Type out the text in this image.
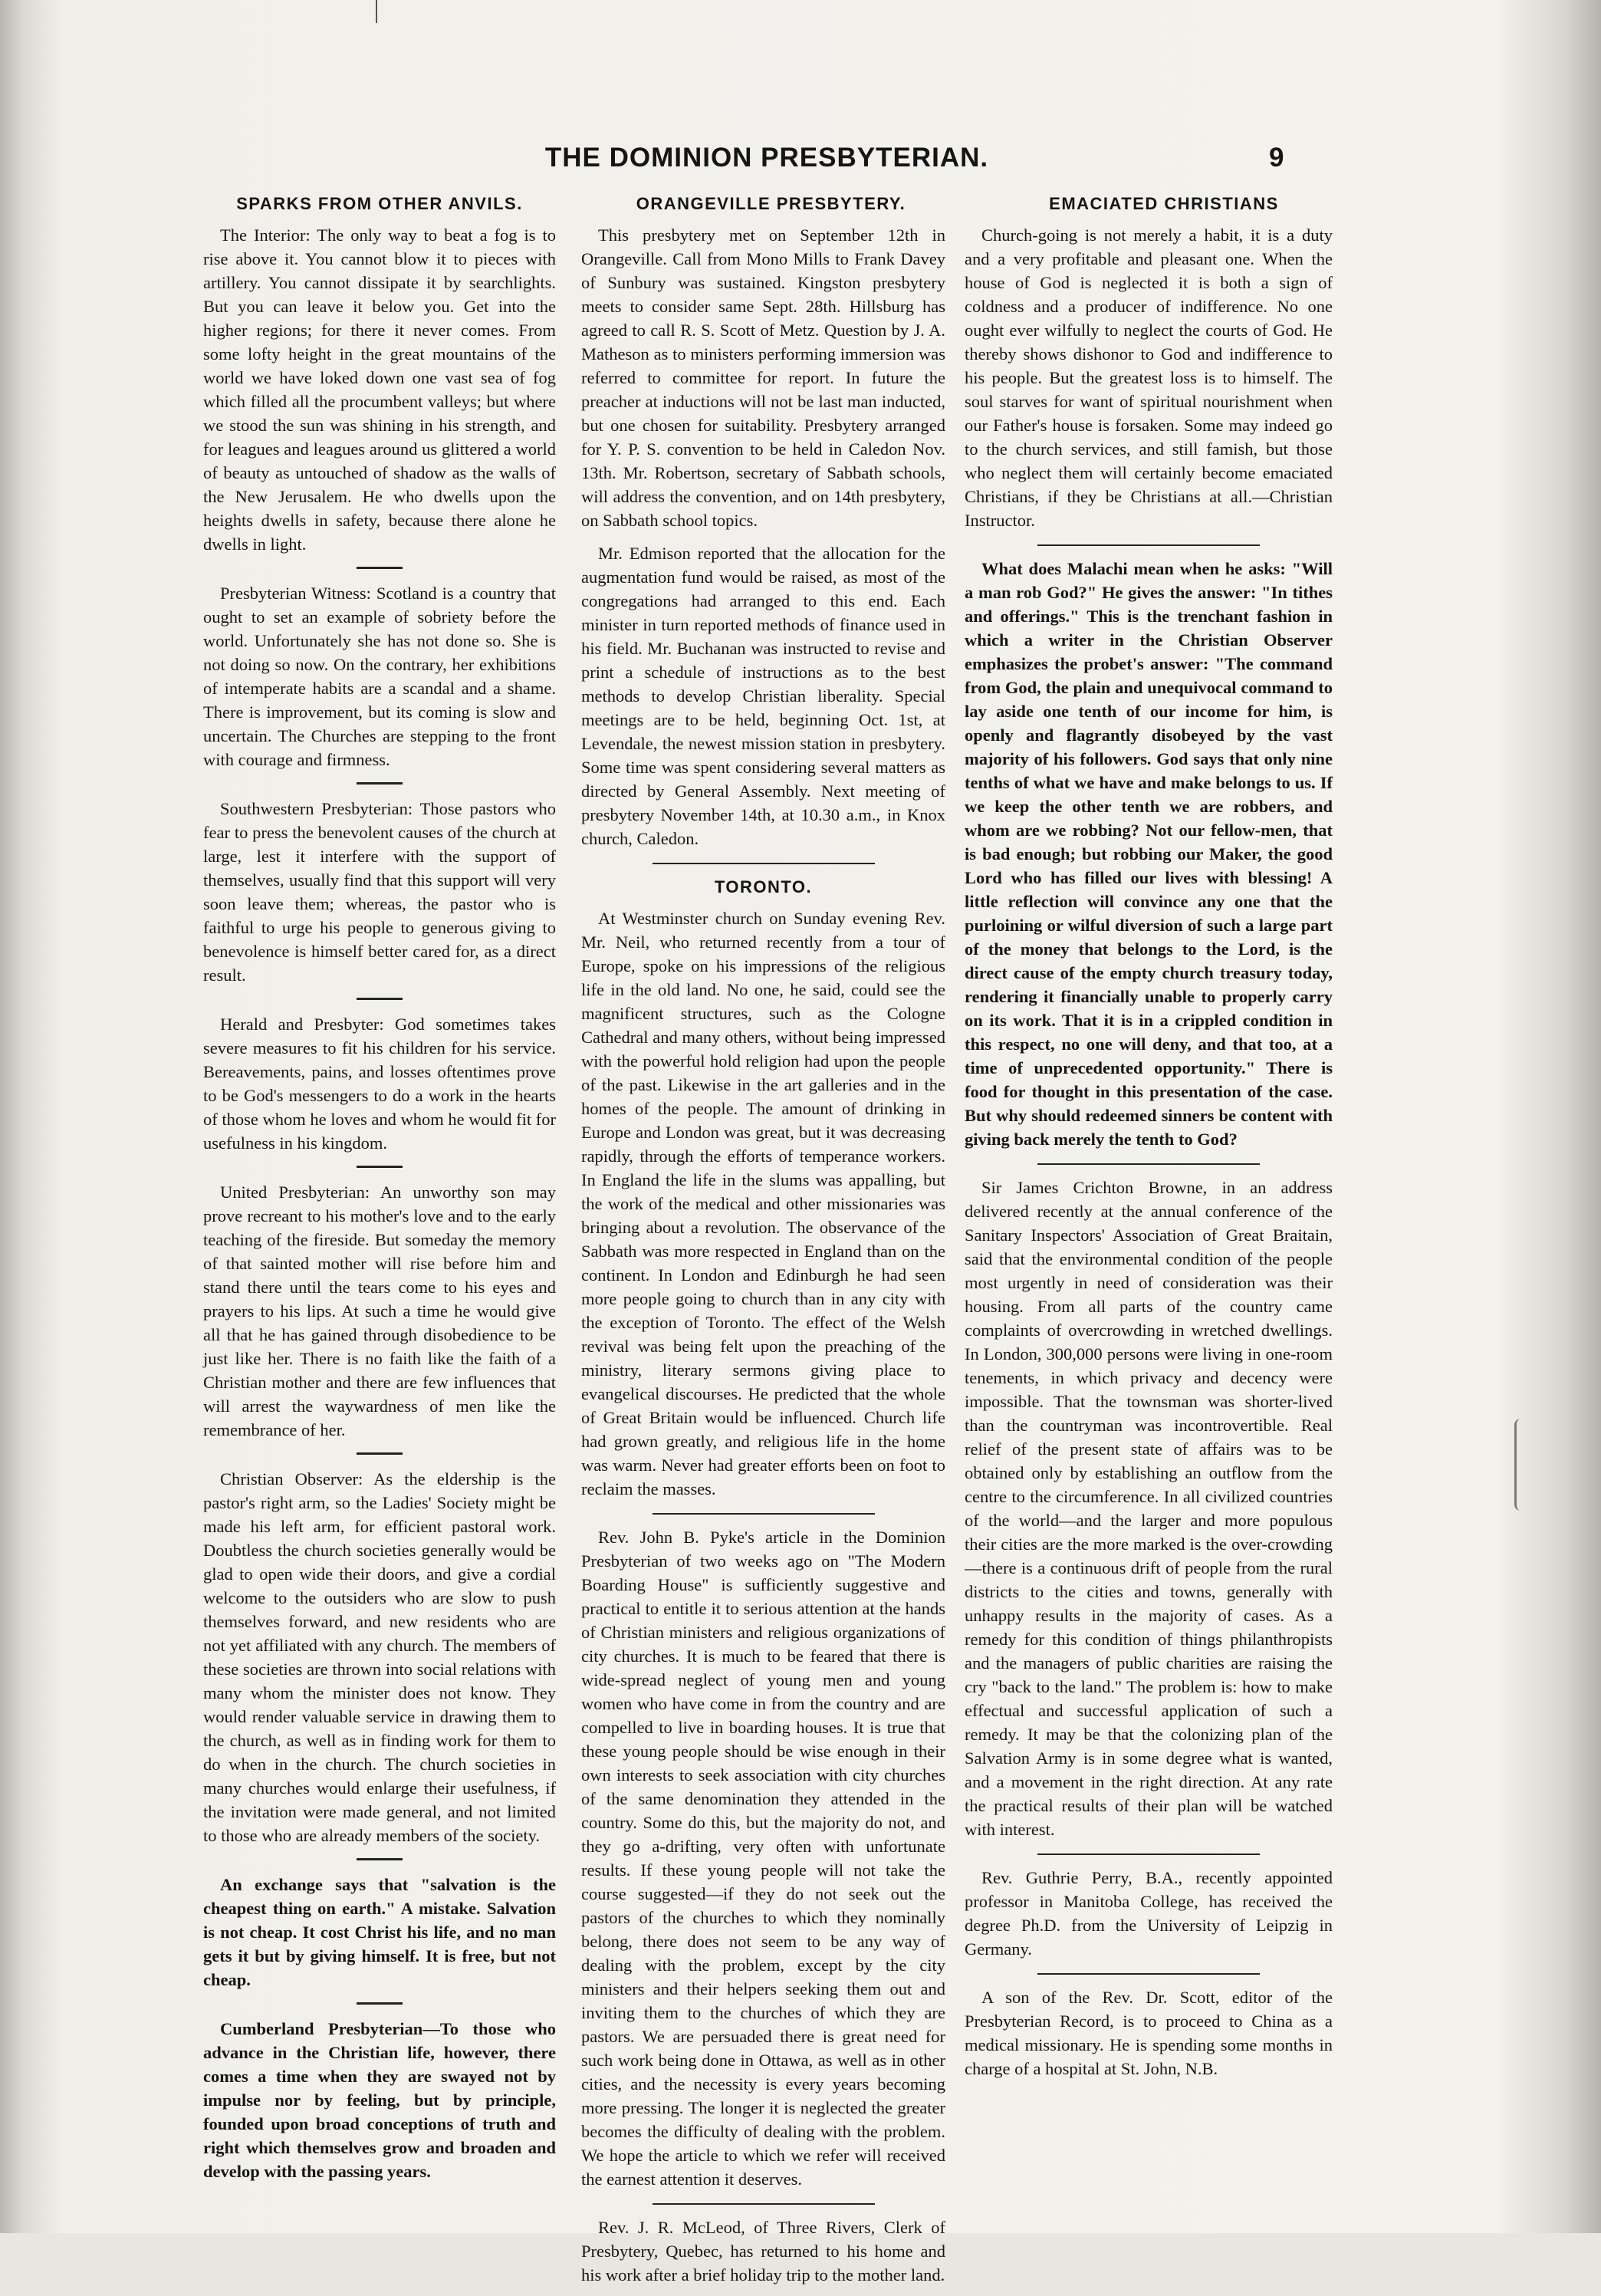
THE DOMINION PRESBYTERIAN.	9
SPARKS FROM OTHER ANVILS.

The Interior: The only way to beat a fog is to rise above it. You cannot blow it to pieces with artillery. You cannot dissipate it by searchlights. But you can leave it below you. Get into the higher regions; for there it never comes. From some lofty height in the great mountains of the world we have loked down one vast sea of fog which filled all the procumbent valleys; but where we stood the sun was shining in his strength, and for leagues and leagues around us glittered a world of beauty as untouched of shadow as the walls of the New Jerusalem. He who dwells upon the heights dwells in safety, because there alone he dwells in light.

Presbyterian Witness: Scotland is a country that ought to set an example of sobriety before the world. Unfortunately she has not done so. She is not doing so now. On the contrary, her exhibitions of intemperate habits are a scandal and a shame. There is improvement, but its coming is slow and uncertain. The Churches are stepping to the front with courage and firmness.

Southwestern Presbyterian: Those pastors who fear to press the benevolent causes of the church at large, lest it interfere with the support of themselves, usually find that this support will very soon leave them; whereas, the pastor who is faithful to urge his people to generous giving to benevolence is himself better cared for, as a direct result.

Herald and Presbyter: God sometimes takes severe measures to fit his children for his service. Bereavements, pains, and losses oftentimes prove to be God's messengers to do a work in the hearts of those whom he loves and whom he would fit for usefulness in his kingdom.

United Presbyterian: An unworthy son may prove recreant to his mother's love and to the early teaching of the fireside. But someday the memory of that sainted mother will rise before him and stand there until the tears come to his eyes and prayers to his lips. At such a time he would give all that he has gained through disobedience to be just like her. There is no faith like the faith of a Christian mother and there are few influences that will arrest the waywardness of men like the remembrance of her.

Christian Observer: As the eldership is the pastor's right arm, so the Ladies' Society might be made his left arm, for efficient pastoral work. Doubtless the church societies generally would be glad to open wide their doors, and give a cordial welcome to the outsiders who are slow to push themselves forward, and new residents who are not yet affiliated with any church. The members of these societies are thrown into social relations with many whom the minister does not know. They would render valuable service in drawing them to the church, as well as in finding work for them to do when in the church. The church societies in many churches would enlarge their usefulness, if the invitation were made general, and not limited to those who are already members of the society.

An exchange says that "salvation is the cheapest thing on earth." A mistake. Salvation is not cheap. It cost Christ his life, and no man gets it but by giving himself. It is free, but not cheap.

Cumberland Presbyterian—To those who advance in the Christian life, however, there comes a time when they are swayed not by impulse nor by feeling, but by principle, founded upon broad conceptions of truth and right which themselves grow and broaden and develop with the passing years.

ORANGEVILLE PRESBYTERY.

This presbytery met on September 12th in Orangeville. Call from Mono Mills to Frank Davey of Sunbury was sustained. Kingston presbytery meets to consider same Sept. 28th. Hillsburg has agreed to call R. S. Scott of Metz. Question by J. A. Matheson as to ministers performing immersion was referred to committee for report. In future the preacher at inductions will not be last man inducted, but one chosen for suitability. Presbytery arranged for Y. P. S. convention to be held in Caledon Nov. 13th. Mr. Robertson, secretary of Sabbath schools, will address the convention, and on 14th presbytery, on Sabbath school topics.

Mr. Edmison reported that the allocation for the augmentation fund would be raised, as most of the congregations had arranged to this end. Each minister in turn reported methods of finance used in his field. Mr. Buchanan was instructed to revise and print a schedule of instructions as to the best methods to develop Christian liberality. Special meetings are to be held, beginning Oct. 1st, at Levendale, the newest mission station in presbytery. Some time was spent considering several matters as directed by General Assembly. Next meeting of presbytery November 14th, at 10.30 a.m., in Knox church, Caledon.

TORONTO.

At Westminster church on Sunday evening Rev. Mr. Neil, who returned recently from a tour of Europe, spoke on his impressions of the religious life in the old land. No one, he said, could see the magnificent structures, such as the Cologne Cathedral and many others, without being impressed with the powerful hold religion had upon the people of the past. Likewise in the art galleries and in the homes of the people. The amount of drinking in Europe and London was great, but it was decreasing rapidly, through the efforts of temperance workers. In England the life in the slums was appalling, but the work of the medical and other missionaries was bringing about a revolution. The observance of the Sabbath was more respected in England than on the continent. In London and Edinburgh he had seen more people going to church than in any city with the exception of Toronto. The effect of the Welsh revival was being felt upon the preaching of the ministry, literary sermons giving place to evangelical discourses. He predicted that the whole of Great Britain would be influenced. Church life had grown greatly, and religious life in the home was warm. Never had greater efforts been on foot to reclaim the masses.

Rev. John B. Pyke's article in the Dominion Presbyterian of two weeks ago on "The Modern Boarding House" is sufficiently suggestive and practical to entitle it to serious attention at the hands of Christian ministers and religious organizations of city churches. It is much to be feared that there is wide-spread neglect of young men and young women who have come in from the country and are compelled to live in boarding houses. It is true that these young people should be wise enough in their own interests to seek association with city churches of the same denomination they attended in the country. Some do this, but the majority do not, and they go a-drifting, very often with unfortunate results. If these young people will not take the course suggested—if they do not seek out the pastors of the churches to which they nominally belong, there does not seem to be any way of dealing with the problem, except by the city ministers and their helpers seeking them out and inviting them to the churches of which they are pastors. We are persuaded there is great need for such work being done in Ottawa, as well as in other cities, and the necessity is every years becoming more pressing. The longer it is neglected the greater becomes the difficulty of dealing with the problem. We hope the article to which we refer will received the earnest attention it deserves.

Rev. J. R. McLeod, of Three Rivers, Clerk of Presbytery, Quebec, has returned to his home and his work after a brief holiday trip to the mother land.

EMACIATED CHRISTIANS

Church-going is not merely a habit, it is a duty and a very profitable and pleasant one. When the house of God is neglected it is both a sign of coldness and a producer of indifference. No one ought ever wilfully to neglect the courts of God. He thereby shows dishonor to God and indifference to his people. But the greatest loss is to himself. The soul starves for want of spiritual nourishment when our Father's house is forsaken. Some may indeed go to the church services, and still famish, but those who neglect them will certainly become emaciated Christians, if they be Christians at all.—Christian Instructor.

What does Malachi mean when he asks: "Will a man rob God?" He gives the answer: "In tithes and offerings." This is the trenchant fashion in which a writer in the Christian Observer emphasizes the probet's answer: "The command from God, the plain and unequivocal command to lay aside one tenth of our income for him, is openly and flagrantly disobeyed by the vast majority of his followers. God says that only nine tenths of what we have and make belongs to us. If we keep the other tenth we are robbers, and whom are we robbing? Not our fellow-men, that is bad enough; but robbing our Maker, the good Lord who has filled our lives with blessing! A little reflection will convince any one that the purloining or wilful diversion of such a large part of the money that belongs to the Lord, is the direct cause of the empty church treasury today, rendering it financially unable to properly carry on its work. That it is in a crippled condition in this respect, no one will deny, and that too, at a time of unprecedented opportunity." There is food for thought in this presentation of the case. But why should redeemed sinners be content with giving back merely the tenth to God?

Sir James Crichton Browne, in an address delivered recently at the annual conference of the Sanitary Inspectors' Association of Great Braitain, said that the environmental condition of the people most urgently in need of consideration was their housing. From all parts of the country came complaints of overcrowding in wretched dwellings. In London, 300,000 persons were living in one-room tenements, in which privacy and decency were impossible. That the townsman was shorter-lived than the countryman was incontrovertible. Real relief of the present state of affairs was to be obtained only by establishing an outflow from the centre to the circumference. In all civilized countries of the world—and the larger and more populous their cities are the more marked is the over-crowding—there is a continuous drift of people from the rural districts to the cities and towns, generally with unhappy results in the majority of cases. As a remedy for this condition of things philanthropists and the managers of public charities are raising the cry "back to the land." The problem is: how to make effectual and successful application of such a remedy. It may be that the colonizing plan of the Salvation Army is in some degree what is wanted, and a movement in the right direction. At any rate the practical results of their plan will be watched with interest.

Rev. Guthrie Perry, B.A., recently appointed professor in Manitoba College, has received the degree Ph.D. from the University of Leipzig in Germany.

A son of the Rev. Dr. Scott, editor of the Presbyterian Record, is to proceed to China as a medical missionary. He is spending some months in charge of a hospital at St. John, N.B.
